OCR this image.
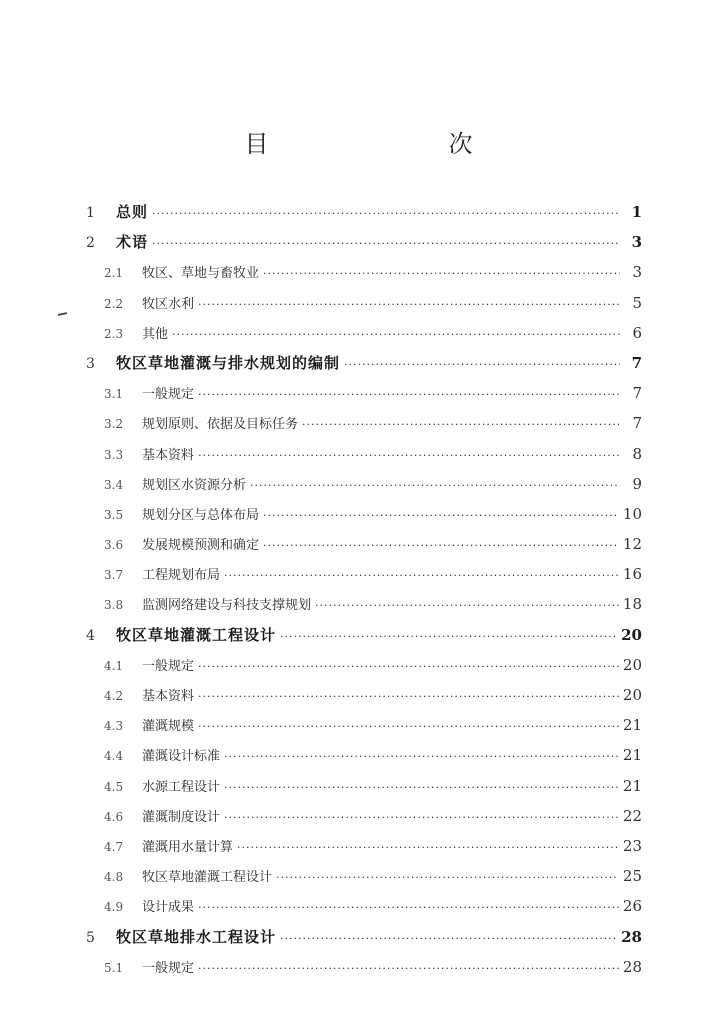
目　　次
1	总则 ·····	1
2	术语 ·····	3
2.1	牧区、草地与畜牧业 ·····	3
2.2	牧区水利 ·····	5
2.3	其他 ·····	6
3	牧区草地灌溉与排水规划的编制 ·····	7
3.1	一般规定 ·····	7
3.2	规划原则、依据及目标任务 ·····	7
3.3	基本资料 ·····	8
3.4	规划区水资源分析 ·····	9
3.5	规划分区与总体布局 ·····	10
3.6	发展规模预测和确定 ·····	12
3.7	工程规划布局 ·····	16
3.8	监测网络建设与科技支撑规划 ·····	18
4	牧区草地灌溉工程设计 ·····	20
4.1	一般规定 ·····	20
4.2	基本资料 ·····	20
4.3	灌溉规模 ·····	21
4.4	灌溉设计标准 ·····	21
4.5	水源工程设计 ·····	21
4.6	灌溉制度设计 ·····	22
4.7	灌溉用水量计算 ·····	23
4.8	牧区草地灌溉工程设计 ·····	25
4.9	设计成果 ·····	26
5	牧区草地排水工程设计 ·····	28
5.1	一般规定 ·····	28
